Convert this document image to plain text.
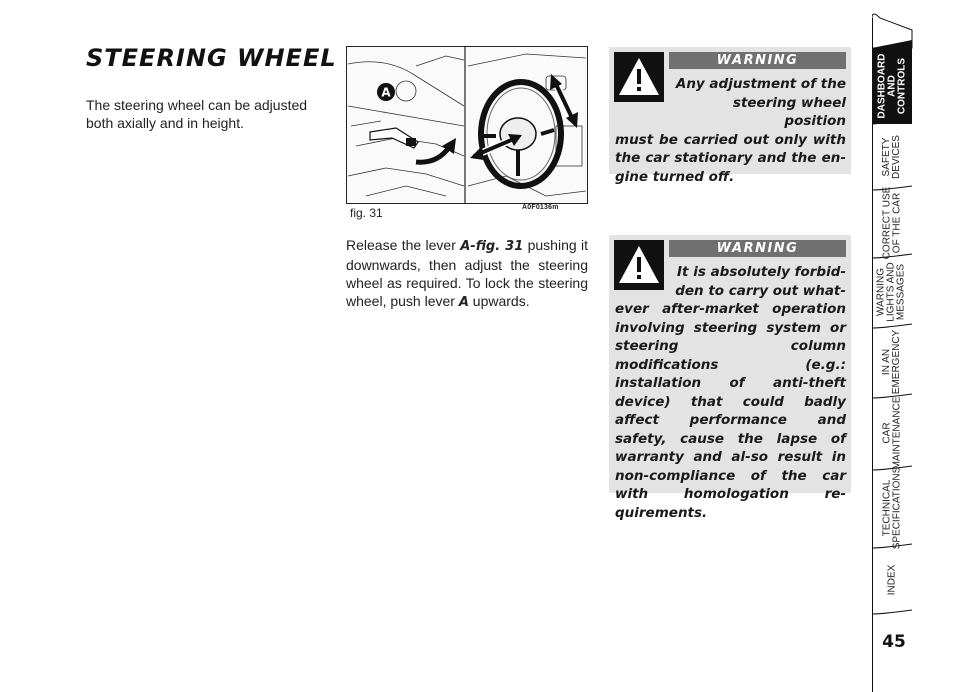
STEERING WHEEL
The steering wheel can be adjusted both axially and in height.
A
fig. 31	A0F0136m
Release the lever A-fig. 31 pushing it downwards, then adjust the steering wheel as required. To lock the steering wheel, push lever A upwards.
WARNING
Any adjustment of the steering wheel position
must be carried out only with the car stationary and the en-gine turned off.
WARNING
It is absolutely forbid-den to carry out what-
ever after-market operation involving steering system or steering column modifications (e.g.: installation of anti-theft device) that could badly affect performance and safety, cause the lapse of warranty and al-so result in non-compliance of the car with homologation re-quirements.
DASHBOARD
AND
CONTROLS
SAFETY
DEVICES
CORRECT USE
OF THE CAR
WARNING
LIGHTS AND
MESSAGES
IN AN
EMERGENCY
CAR
MAINTENANCE
TECHNICAL
SPECIFICATIONS
INDEX
45
